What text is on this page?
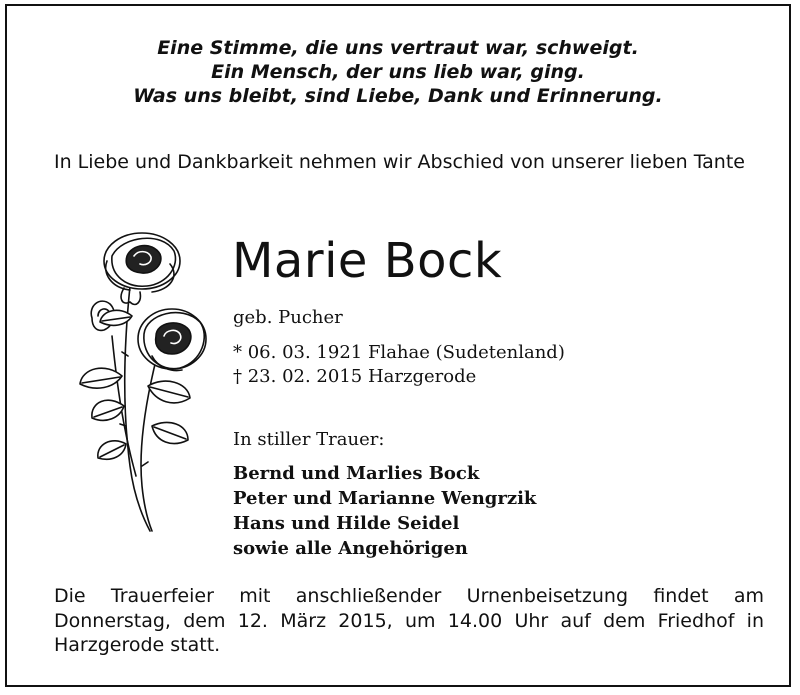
Eine Stimme, die uns vertraut war, schweigt.
Ein Mensch, der uns lieb war, ging.
Was uns bleibt, sind Liebe, Dank und Erinnerung.
In Liebe und Dankbarkeit nehmen wir Abschied von unserer lieben Tante
Marie Bock
geb. Pucher
* 06. 03. 1921 Flahae (Sudetenland)
† 23. 02. 2015 Harzgerode
In stiller Trauer:
Bernd und Marlies Bock
Peter und Marianne Wengrzik
Hans und Hilde Seidel
sowie alle Angehörigen
Die Trauerfeier mit anschließender Urnenbeisetzung findet am Donnerstag, dem 12. März 2015, um 14.00 Uhr auf dem Friedhof in Harzgerode statt.
